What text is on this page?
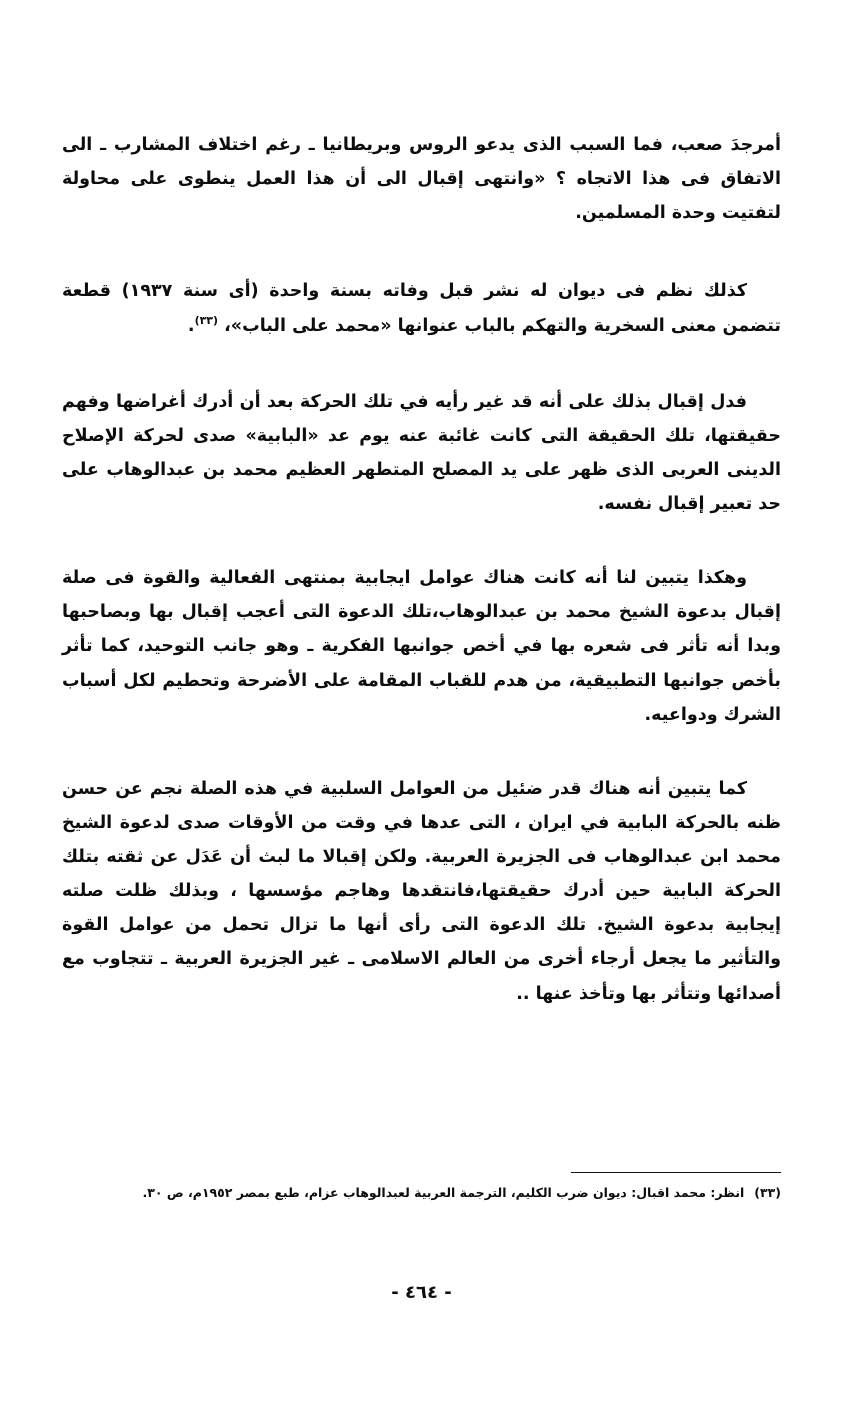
أمرجدَ صعب، فما السبب الذى يدعو الروس وبريطانيا ـ رغم اختلاف المشارب ـ الى الاتفاق فى هذا الاتجاه ؟ «وانتهى إقبال الى أن هذا العمل ينطوى على محاولة لتفتيت وحدة المسلمين.

كذلك نظم فى ديوان له نشر قبل وفاته بسنة واحدة (أى سنة ١٩٣٧) قطعة تتضمن معنى السخرية والتهكم بالباب عنوانها «محمد على الباب»، $^{(٣٣)}$.

فدل إقبال بذلك على أنه قد غير رأيه في تلك الحركة بعد أن أدرك أغراضها وفهم حقيقتها، تلك الحقيقة التى كانت غائبة عنه يوم عد «البابية» صدى لحركة الإصلاح الدينى العربى الذى ظهر على يد المصلح المتطهر العظيم محمد بن عبدالوهاب على حد تعبير إقبال نفسه.

وهكذا يتبين لنا أنه كانت هناك عوامل ايجابية بمنتهى الفعالية والقوة فى صلة إقبال بدعوة الشيخ محمد بن عبدالوهاب،تلك الدعوة التى أعجب إقبال بها وبصاحبها وبدا أنه تأثر فى شعره بها في أخص جوانبها الفكرية ـ وهو جانب التوحيد، كما تأثر بأخص جوانبها التطبيقية، من هدم للقباب المقامة على الأضرحة وتحطيم لكل أسباب الشرك ودواعيه.

كما يتبين أنه هناك قدر ضئيل من العوامل السلبية في هذه الصلة نجم عن حسن ظنه بالحركة البابية في ايران ، التى عدها في وقت من الأوقات صدى لدعوة الشيخ محمد ابن عبدالوهاب فى الجزيرة العربية. ولكن إقبالا ما لبث أن عَدَل عن ثقته بتلك الحركة البابية حين أدرك حقيقتها،فانتقدها وهاجم مؤسسها ، وبذلك ظلت صلته إيجابية بدعوة الشيخ. تلك الدعوة التى رأى أنها ما تزال تحمل من عوامل القوة والتأثير ما يجعل أرجاء أخرى من العالم الاسلامى ـ غير الجزيرة العربية ـ تتجاوب مع أصدائها وتتأثر بها وتأخذ عنها ..

(٣٣)انظر: محمد اقبال: ديوان ضرب الكليم، الترجمة العربية لعبدالوهاب عزام، طبع بمصر ١٩٥٢م، ص ٣٠.
- ٤٦٤ -
